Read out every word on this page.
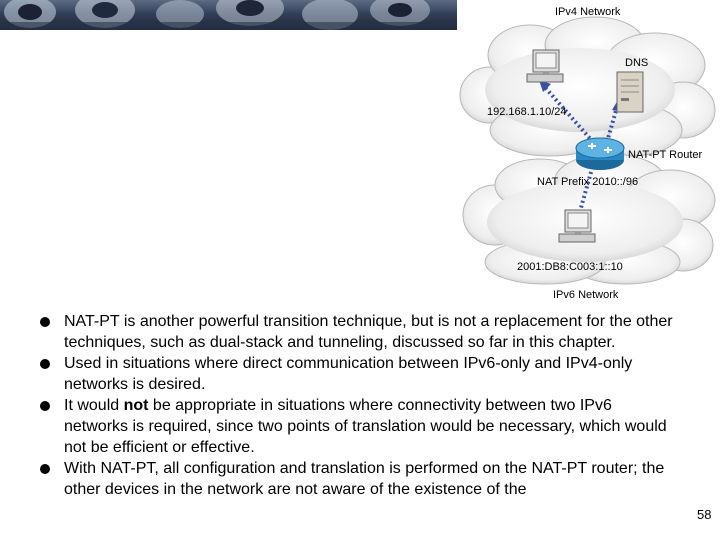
IPv4 Network
DNS
192.168.1.10/24
NAT-PT Router
NAT Prefix 2010::/96
2001:DB8:C003:1::10
IPv6 Network
NAT-PT is another powerful transition technique, but is not a replacement for the other techniques, such as dual-stack and tunneling, discussed so far in this chapter.
Used in situations where direct communication between IPv6-only and IPv4-only networks is desired.
It would not be appropriate in situations where connectivity between two IPv6 networks is required, since two points of translation would be necessary, which would not be efficient or effective.
With NAT-PT, all configuration and translation is performed on the NAT-PT router; the other devices in the network are not aware of the existence of the
58
